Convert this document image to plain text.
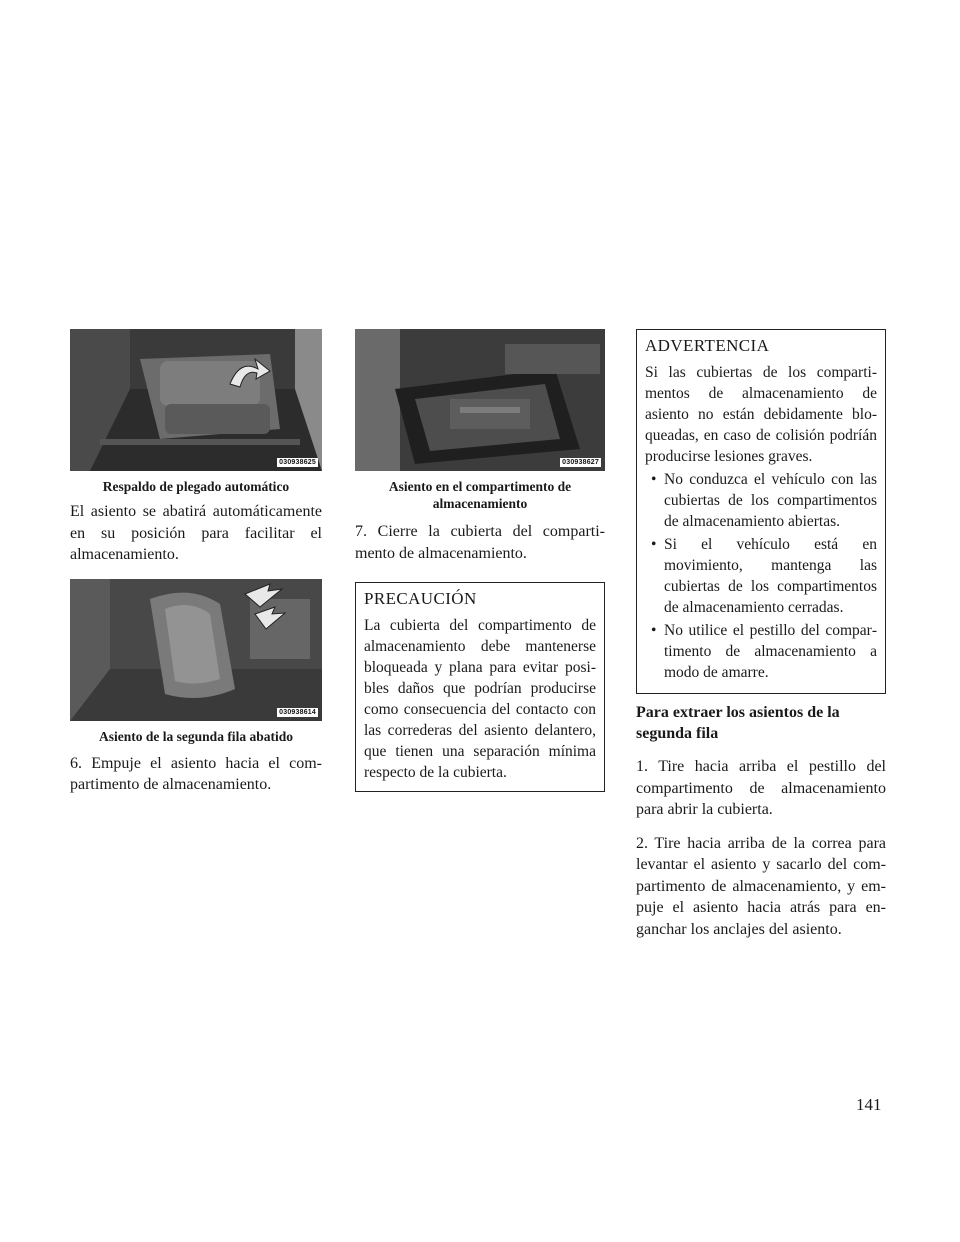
030938625
Respaldo de plegado automático

El asiento se abatirá automáticamente en su posición para facilitar el almacenamiento.

030938614
Asiento de la segunda fila abatido

6. Empuje el asiento hacia el compartimento de almacenamiento.

030938627
Asiento en el compartimento de almacenamiento

7. Cierre la cubierta del compartimento de almacenamiento.

PRECAUCIÓN

La cubierta del compartimento de almacenamiento debe mantenerse bloqueada y plana para evitar posibles daños que podrían producirse como consecuencia del contacto con las correderas del asiento delantero, que tienen una separación mínima respecto de la cubierta.

ADVERTENCIA

Si las cubiertas de los compartimentos de almacenamiento de asiento no están debidamente bloqueadas, en caso de colisión podríán producirse lesiones graves.

• No conduzca el vehículo con las cubiertas de los compartimentos de almacenamiento abiertas.
• Si el vehículo está en movimiento, mantenga las cubiertas de los compartimentos de almacenamiento cerradas.
• No utilice el pestillo del compartimento de almacenamiento a modo de amarre.
Para extraer los asientos de la segunda fila

1. Tire hacia arriba el pestillo del compartimento de almacenamiento para abrir la cubierta.

2. Tire hacia arriba de la correa para levantar el asiento y sacarlo del compartimento de almacenamiento, y empuje el asiento hacia atrás para enganchar los anclajes del asiento.

141
